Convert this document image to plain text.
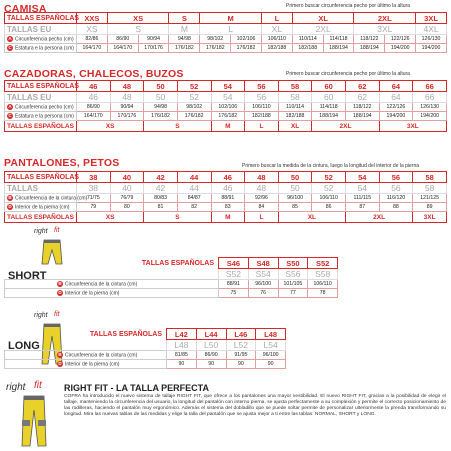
CAMISA	Primero buscar circunferencia pecho por último la altura
TALLAS ESPAÑOLAS	XXS	XS		S	M		L	XL		2XL		3XL
TALLAS EU	XS	S		M	L		XL	2XL		3XL		4XL
A Circunferencia pecho (cm)	82/86	86/90	90/94	94/98	98/102	102/106	106/110	110/114	114/118	118/122	122/126	126/130
C Estatura e la persona (cm)	164/170	164/170	170/176	176/182	176/182	176/182	182/188	182/188	188/194	188/194	194/200	194/200
CAZADORAS, CHALECOS, BUZOS	Primero buscar circunferencia pecho por último la altura
TALLAS ESPAÑOLAS	46	48	50	52	54	56	58	60	62	64	66
TALLAS EU	46	48	50	52	54	56	58	60	62	64	66
A Circunferencia pecho (cm)	86/90	90/94	94/98	98/102	102/106	106/110	110/114	114/118	118/122	122/126	126/130
C Estatura e la persona (cm)	164/170	170/176	176/182	176/182	176/182	182/188	182/188	188/194	188/194	194/200	194/200
TALLAS ESPAÑOLAS	XS		S		M	L	XL	2XL		3XL	
PANTALONES, PETOS	Primero buscar la medida de la cintura, luego la longitud del interior de la pierna
TALLAS ESPAÑOLAS	38	40	42	44	46	48	50	52	54	56	58
TALLAS	38	40	42	44	46	48	50	52	54	56	58
B Circunferencia de la cintura (cm)	71/75	76/79	80/83	84/87	88/91	92/96	96/100	106/110	111/115	116/120	121/125
D Interior de la pierna (cm)	79	80	81	82	83	84	85	86	87	88	89
TALLAS ESPAÑOLAS	XS		S		M	L	XL		2XL		3XL
right fit
SHORT
TALLAS ESPAÑOLAS	S46	S48	S50	S52
	S52	S54	S56	S58
B Circunferencia de la cintura (cm)	88/91	96/100	101/105	106/110
D Interior de la pierna (cm)	75	76	77	78
right fit
LONG
TALLAS ESPAÑOLAS	L42	L44	L46	L48
	L48	L50	L52	L54
B Circunferencia de la cintura (cm)	81/85	86/90	91/95	96/100
D Interior de la pierna (cm)	90	90	90	90
right fit RIGHT FIT - LA TALLA PERFECTA
COFRA ha introducido el nuevo sistema de tallaje RIGHT FIT, que ofrece a los pantalones una mayor vestibilidad. El nuevo RIGHT FIT, gracias a la posibilidad de elegir el tallaje, manteniendo la circunferencia del usuario, la longitud del pantalón con interno pierna, se ajusta perfectamente a su complexión y permite el correcto posicionamiento de las rodilleras, haciendo el pantalón muy ergonómico. Además el sistema del dobladillo que se puede soltar permite de personalizar ulteriormente la prenda transformando su longitud. Mira las nuevas tablas de las medidas y elige la talla del pantalón que se ajusta mejor a ti entre las tablas: NORMAL, SHORT y LONG.
